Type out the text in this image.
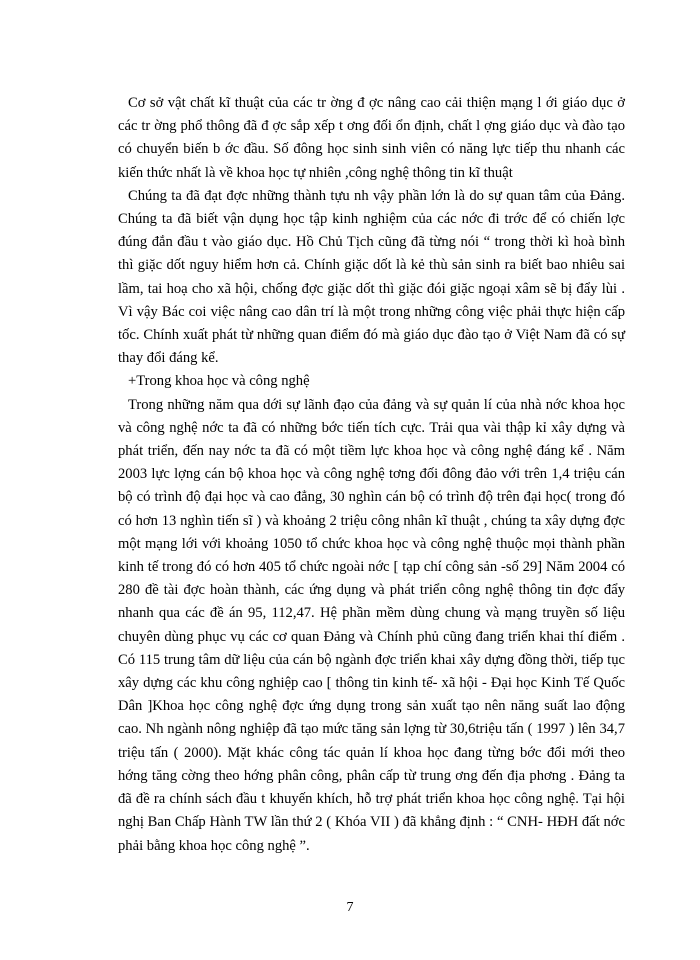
Cơ sở vật chất kĩ thuật của các tr ờng đ ợc nâng cao cải thiện mạng l ới giáo dục ở các tr ờng phổ thông đã đ ợc sắp xếp t ơng đối ổn định, chất l ợng giáo dục và đào tạo có chuyển biến b ớc đầu. Số đông học sinh sinh viên có năng lực tiếp thu nhanh các kiến thức nhất là về khoa học tự nhiên ,công nghệ thông tin kĩ thuật

Chúng ta đã đạt đợc những thành tựu nh vậy phần lớn là do sự quan tâm của Đảng. Chúng ta đã biết vận dụng học tập kinh nghiệm của các nớc đi trớc để có chiến lợc đúng đắn đầu t vào giáo dục. Hồ Chủ Tịch cũng đã từng nói “ trong thời kì hoà bình thì giặc dốt nguy hiểm hơn cả. Chính giặc dốt là kẻ thù sản sinh ra biết bao nhiêu sai lầm, tai hoạ cho xã hội, chống đợc giặc dốt thì giặc đói giặc ngoại xâm sẽ bị đẩy lùi . Vì vậy Bác coi việc nâng cao dân trí là một trong những công việc phải thực hiện cấp tốc. Chính xuất phát từ những quan điểm đó mà giáo dục đào tạo ở Việt Nam đã có sự thay đổi đáng kể.

+Trong khoa học và công nghệ

Trong những năm qua dới sự lãnh đạo của đảng và sự quản lí của nhà nớc khoa học và công nghệ nớc ta đã có những bớc tiến tích cực. Trải qua vài thập kỉ xây dựng và phát triển, đến nay nớc ta đã có một tiềm lực khoa học và công nghệ đáng kể . Năm 2003 lực lợng cán bộ khoa học và công nghệ tơng đối đông đảo với trên 1,4 triệu cán bộ có trình độ đại học và cao đẳng, 30 nghìn cán bộ có trình độ trên đại học( trong đó có hơn 13 nghìn tiến sĩ ) và khoảng 2 triệu công nhân kĩ thuật , chúng ta xây dựng đợc một mạng lới với khoảng 1050 tổ chức khoa học và công nghệ thuộc mọi thành phần kinh tế trong đó có hơn 405 tổ chức ngoài nớc [ tạp chí công sản -số 29] Năm 2004 có 280 đề tài đợc hoàn thành, các ứng dụng và phát triển công nghệ thông tin đợc đẩy nhanh qua các đề án 95, 112,47. Hệ phần mềm dùng chung và mạng truyền số liệu chuyên dùng phục vụ các cơ quan Đảng và Chính phủ cũng đang triển khai thí điểm . Có 115 trung tâm dữ liệu của cán bộ ngành đợc triển khai xây dựng đồng thời, tiếp tục xây dựng các khu công nghiệp cao [ thông tin kinh tế- xã hội - Đại học Kinh Tế Quốc Dân ]Khoa học công nghệ đợc ứng dụng trong sản xuất tạo nên năng suất lao động cao. Nh ngành nông nghiệp đã tạo mức tăng sản lợng từ 30,6triệu tấn ( 1997 ) lên 34,7 triệu tấn ( 2000). Mặt khác công tác quản lí khoa học đang từng bớc đổi mới theo hớng tăng cờng theo hớng phân công, phân cấp từ trung ơng đến địa phơng . Đảng ta đã đề ra chính sách đầu t khuyến khích, hỗ trợ phát triển khoa học công nghệ. Tại hội nghị Ban Chấp Hành TW lần thứ 2 ( Khóa VII ) đã khẳng định : “ CNH- HĐH đất nớc phải bằng khoa học công nghệ ”.

7
